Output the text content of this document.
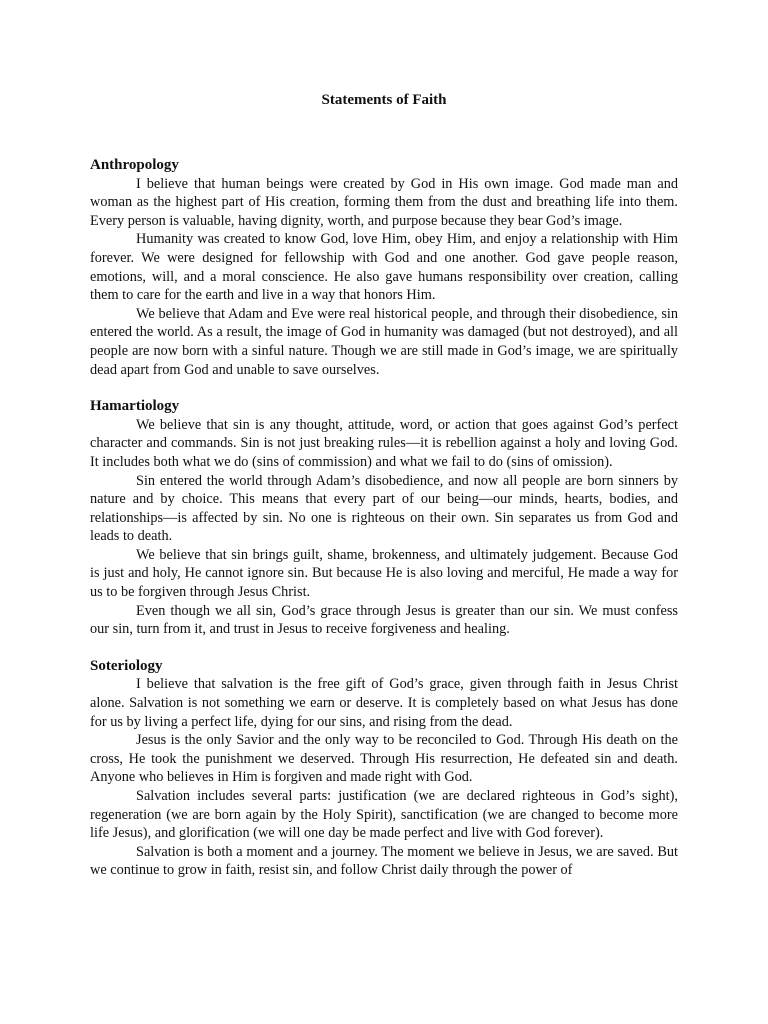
Statements of Faith
Anthropology

I believe that human beings were created by God in His own image. God made man and woman as the highest part of His creation, forming them from the dust and breathing life into them. Every person is valuable, having dignity, worth, and purpose because they bear God’s image.

Humanity was created to know God, love Him, obey Him, and enjoy a relationship with Him forever. We were designed for fellowship with God and one another. God gave people reason, emotions, will, and a moral conscience. He also gave humans responsibility over creation, calling them to care for the earth and live in a way that honors Him.

We believe that Adam and Eve were real historical people, and through their disobedience, sin entered the world. As a result, the image of God in humanity was damaged (but not destroyed), and all people are now born with a sinful nature. Though we are still made in God’s image, we are spiritually dead apart from God and unable to save ourselves.

Hamartiology

We believe that sin is any thought, attitude, word, or action that goes against God’s perfect character and commands. Sin is not just breaking rules—it is rebellion against a holy and loving God. It includes both what we do (sins of commission) and what we fail to do (sins of omission).

Sin entered the world through Adam’s disobedience, and now all people are born sinners by nature and by choice. This means that every part of our being—our minds, hearts, bodies, and relationships—is affected by sin. No one is righteous on their own. Sin separates us from God and leads to death.

We believe that sin brings guilt, shame, brokenness, and ultimately judgement. Because God is just and holy, He cannot ignore sin. But because He is also loving and merciful, He made a way for us to be forgiven through Jesus Christ.

Even though we all sin, God’s grace through Jesus is greater than our sin. We must confess our sin, turn from it, and trust in Jesus to receive forgiveness and healing.

Soteriology

I believe that salvation is the free gift of God’s grace, given through faith in Jesus Christ alone. Salvation is not something we earn or deserve. It is completely based on what Jesus has done for us by living a perfect life, dying for our sins, and rising from the dead.

Jesus is the only Savior and the only way to be reconciled to God. Through His death on the cross, He took the punishment we deserved. Through His resurrection, He defeated sin and death. Anyone who believes in Him is forgiven and made right with God.

Salvation includes several parts: justification (we are declared righteous in God’s sight), regeneration (we are born again by the Holy Spirit), sanctification (we are changed to become more life Jesus), and glorification (we will one day be made perfect and live with God forever).

Salvation is both a moment and a journey. The moment we believe in Jesus, we are saved. But we continue to grow in faith, resist sin, and follow Christ daily through the power of
